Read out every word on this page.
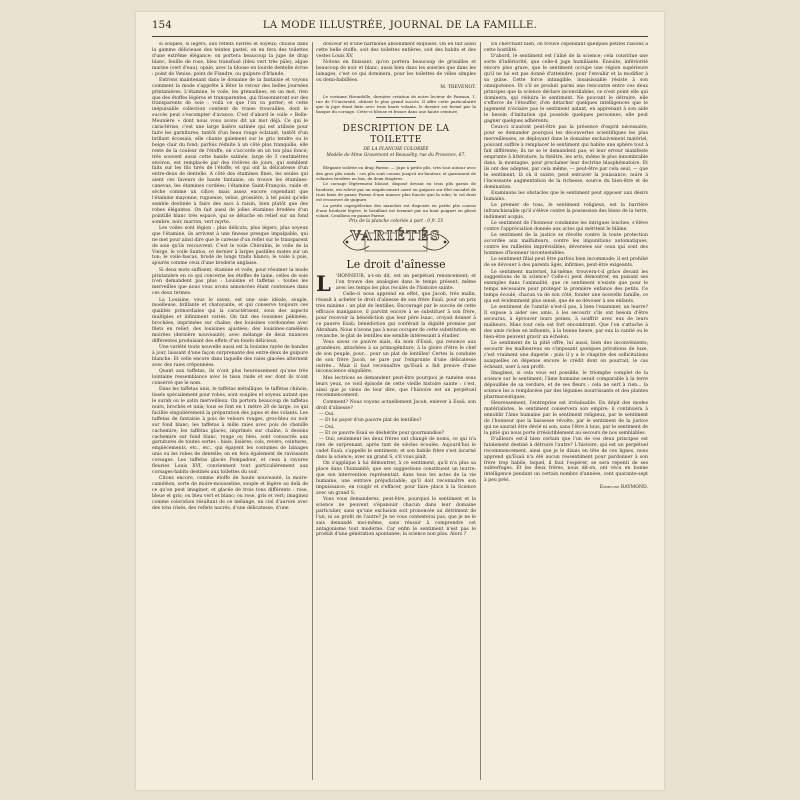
154	LA MODE ILLUSTRÉE, JOURNAL DE LA FAMILLE.

si souples, si légers, aux reflets lustrés et soyeux; choisis dans la gamme délicieuse des teintes pastel, on en fera des toilettes d'une extrême élégance; on portera beaucoup la jupe de drap blanc, feuille de rose, bleu transfusé (bleu vert très pâle), algue marine (vert d'eau), opale, avec la blouse en lourde dentelle écrue : point de Venise, point de Flandre, ou guipure d'Irlande.

Entrons maintenant dans le domaine de la fantaisie et voyons comment la mode s'apprête à fêter le retour des belles journées printanières. L'étamine, le voile, les grenadines, en un mot, rien que des étoffes légères et transparentes, qui frissonneront sur des transparents de soie : voilà ce que l'on va porter; et cette inépuisable collection contient de vraies trouvailles, dont le succès peut s'escompter d'avance. C'est d'abord le voile « Belle-Meunière » dont nous vous avons dit un mot déjà. Ce qui le caractérise, c'est une large lisière satinée qui est utilisée pour faire les garnitures; tantôt d'un beau rouge éclatant, tantôt d'un brillant écossais, elle chante gaiement sur le gris tendre ou le beige clair du fond; parfois réduite à un côté plus tranquille, elle reste de la couleur de l'étoffe, on s'accorde en un ton plus foncé; très souvent aussi cette bande satinée, large de 3 centimètres environ, est remplacée par des rivières de jours, qui semblent faits sur les fils tirés de l'étoffe, et qui ont la délicatesse d'un entre-deux de dentelle. A côté des étamines fines, les seules qui aient ces faveurs de haute fantaisie, on trouve les étamines-canevas, les étamines cordées; l'étamine Saint-François, raide et sèche comme un cilice; mais assez encore cependant que l'étamine mayonne, rugueuse, velue, grossière, à tel point qu'elle semble destinée à faire des sacs à raisin, bien plutôt que des robes élégantes. On fait aussi de jolies étamines brodées d'un pointillé blanc très espacé, qui se détache en relief sur un fond sombre, noir, marron, vert myrte.

Les voiles sont légion : plus délicats, plus légers, plus soyeux que l'étamine, ils arrivent à une finesse presque impalpable, qui ne met pour ainsi dire que le caresse d'un reflet sur le transparent de soie qu'ils recouvrent. C'est le voile Chérubin, le voile de la Vierge, le voile Santos, ce dernier à larges pastilles mates sur un ton; le voile-fascas, brodé de longs traits blancs; le voile à pois, ajourés comme ceux d'une broderie anglaise.

Si deux mots suffisent, étamine et voile, pour résumer la mode printanière en ce qui concerne les étoffes de laine, celles de soie n'en demandent pas plus : Louisine et taffetas : toutes les merveilles que nous vous avons annoncées étant contenues dans ces deux termes.

La Louisine, vous le savez, est une soie idéale, souple, moelleuse, brillante et chatoyante, et qui conserve toujours ces qualités primordiales qui la caractérisent, sous des aspects multiples et infiniment variés. On fait des louisines pékinées, brochées, imprimées sur chaîne; des louisines cordonnées avec filets en relief; des louisines ajustées; des louisines-caméléon moirées (dernière nouveauté), avec mélange de deux nuances différentes produisant des effets d'un fondu délicieux.

Une variété toute nouvelle aussi est la louisine rayée de bandes à jour, laissant d'une façon surprenante des entre-deux de guipure blanche. Et celle encore dans laquelle des raies glacées alternent avec des raies créponnées.

Quant aux taffetas, ils n'ont plus heureusement qu'une très lointaine ressemblance avec le tissu raide et sec dont ils n'ont conservé que le nom.

Dans les taffetas unis, le taffetas métallique, le taffetas chinois, tissés spécialement pour robes, sont souples et soyeux autant que le surah ou le satin merveilleux. On portera beaucoup de taffetas noirs, brochés et unis; tous se font en 1 mètre 20 de large, ce qui facilite singulièrement la préparation des jupes et des volants. Les taffetas de fantaisie à pois de velours rouges, gros-bleu ou noir sur fond blanc; les taffetas à mille raies avec pois de chenille cachemire; les taffetas glacés, imprimés sur chaîne, à dessins cachemire sur fond blanc, rouge ou bleu, sont consacrés aux garnitures de toutes sortes : biais, lisières, cols, revers, ceintures, empiècements, etc., etc., qui égayent les costumes de lainages unis ou les robes de dentelle; on en fera également de ravissants corsages. Les taffetas glacés Pompadour, et ceux à rayures fleuries Louis XVI, conviennent tout particulièrement aux corsages-habits destinés aux toilettes du soir.

Citons encore, comme étoffe de haute nouveauté, la moire-caméléon, sorte de moire-mousseline, souple et légère au delà de ce qu'on peut imaginer, et glacée de trois tons différents : rose, bleue et gris; ou bleu vert et blanc; ou rose, gris et vert; imaginez comme coloration résultant de ce mélange, un ciel d'aurore avec des tons irisés, des reflets nacrés, d'une délicatesse, d'une

douceur et d'une harmonie absolument exquises. On en fait aussi cette belle étoffe, soit des toilettes entières, soit des habits et des vestes Louis XV.

Notons en finissant, qu'on portera beaucoup de grisailles et beaucoup de noir et blanc; aussi bien dans les soieries que dans les lainages, c'est ce qui dominera, pour les toilettes de villes simples ou demi-habillées.

M. TREVENOT.

Le costume Hirondelle, dernière création de notre lecteur de Parmon, 1, rue de l'Université, obtient le plus grand succès. Il offre cette particularité que la jupe étant faite avec trois hauts volants, le dernier est formé par la basque du corsage. Cette-ci blouse et fronce dans une haute ceinture.

DESCRIPTION DE LA TOILETTE
DE LA PLANCHE COLORIÉE
Modèle de Mme Gravemont et Beauséhy, rue du Provence, 67.

Élégante toilette en drap Parme. — Jupe à petits plis, très tout autour avec des gros plis ronds : ces plis sont cousus jusqu'à mi-hauteur, et garnissent de volantes brodées au bas, de deux étagères.

Le corsage légèrement blousé, disposé devant en trois plis garnis de broderie, est relevé par un empiècement carré en guipure sur filet encadré de trois biais de panne Parme d'une nuance plus foncée que la robe; le col droit est recouvert de guipure.

La petite cape/pèlerine des manches est disposée en petits plis cousus d'une broderie légère, le bouillant est terminé par un haut poignet en plissé volant. Cenillons en panne Parme.

Prix de la planche coloriée à part : 0 fr. 25
VARIÉTÉS
Le droit d'aînesse
L	'HONNEUR, a-t-on dit, est un perpétuel renoncement; et l'on trouve des analogies dans le temps présent, même avec les temps les plus reculés de l'histoire sainte.

Celle-ci nous apprend en effet, que Jacob, très malin, réussit à acheter le droit d'aînesse de son frère Esaü, pour un prix très minime : un plat de lentilles. Encouragé par le succès de cette efficace manigance, il parvint encore à se substituer à son frère, pour recevoir la bénédiction que leur père Isaac, croyait donner à ce pauvre Esaü; bénédiction qui conférait la dignité promise par Abraham. Nous n'avons pas à nous occuper de cette substitution; en revanche, le plat de lentilles me semble intéressant à étudier.

Vous savez ce pauvre nials, du nom d'Esaü, qui renonce aux grandeurs, attachées à sa primogéniture, à la gloire d'être le chef de son peuple, pour... pour un plat de lentilles! Certes la conduite de son frère Jacob, se pare par l'emprunte d'une délicatesse outrée... Mais il faut reconnaître qu'Esaü a fait preuve d'une inconscience singulière.

Mes lectrices se demandent peut-être pourquoi je ramène sous leurs yeux, ce vieil épisode de cette vieille histoire sainte : c'est, ainsi que je viens de leur dire, que l'histoire est un perpétuel recommencement.

Comment? Nous voyons actuellement Jacob, enlever à Esaü, son droit d'aînesse?

— Oui.

— Et lui payer d'un pauvre plat de lentilles?

— Oui.

— Et ce pauvre Esaü se déshérite pour gourmandise?

— Oui; seulement les deux frères ont changé de noms, ce qui n'a rien de surprenant, après tant de siècles écoulés. Aujourd'hui le cadet Esaü, s'appelle le sentiment; et son habile frère s'est incarné dans la science; avec un grand S, s'il vous plaît.

On s'applique à lui démontrer, à ce sentiment, qu'il n'a plus sa place dans l'humanité; que ses suggestions constituent un leurre; que son intervention représentait, dans tous les actes de la vie humaine, une entrave préjudiciable; qu'il doit reconnaître son impuissance, en rougir et s'effacer, pour faire place à la Science avec un grand S.

Vous vous demanderez, peut-être, pourquoi le sentiment et la science ne peuvent s'épanouir chacun dans leur domaine particulier, sans qu'une exclusion soit prononcée au détriment de l'un, ni au profit de l'autre? Je ne vous contesterai pas, que je ne le sais demandé moi-même, sans réussir à comprendre cet antagonisme tout moderne. Car enfin le sentiment n'est pas le produit d'une génération spontanée; la science non plus. Alors ?

En cherchant bien, on trouve cependant quelques petites raisons à cette hostilité.

D'abord, le sentiment est l'aîné de la science; cela constitue une sorte d'infériorité, que celle-d juge humiliante. Ensuite, infériorité encore plus grave, que le sentiment occupe une région supérieure qu'il ne lui est pas donné d'atteindre, pour l'envahir et la modifier à sa guise. Cette force intangible, insaisissable résiste à son omnipotence. Et s'il se produit parmi une rencontre entre ces deux principes que la science déclare inconciliables, ce n'est point elle qui dominera, qui réduira le sentiment. Ne pouvant le détruire, elle s'efforce de l'étouffer, d'en détacher quelques intelligences que le jugement n'éclaire pas le sentiment aidant, en apprenant à son aide le besoin d'imitation qui possède quelques personnes, elle peut gagner quelques adhérents.

Ceux-ci n'auront peut-être pas la présence d'esprit nécessaire, pour se demander pourquoi les découvertes scientifiques les plus merveilleuses, se déployant dans le domaine exclusivement matériel, pouvant suffire à remplacer le sentiment qui habite une sphère tout à fait différente; ils ne se le demandent pas; et leur erreur manifeste emprunte à littérature, la théâtre, les arts, même le plus innombrable dans, la montagne, pour proclamer leur doctrine blasphématoire. Et ils ont des adeptes, par cela même, — peut-être par cela seul, — que le sentiment, là où il existe, peut entraver la jouissance, nuire à l'incessante augmentation de la richesse, source du bien-être et de domination.

Examinons les obstacles que le sentiment peut opposer aux désirs humains.

Le premier de tous, le sentiment religieux, est la barrière infranchissable qu'il s'élève contre la possession des biens de la terre, indûment acquis.

Le sentiment de l'honneur condamne les intrigues louches, s'élève contre l'appréciation donnée aux actes qui méritent le blâme.

Le sentiment de la justice se révolte contre la toute protection accordée aux malfaiteurs, contre les impunitions automatiques, contre les railleries imprévisibles, déversées sur ceux qui sont des hommes d'honneur incontestables.

Le sentiment filial peut être parfois bien incommode; il est prohibé de se dévouer à des parents âgés, infirmes, peut-être exigeants.

Le sentiment maternel, lui-même, trouvera-t-il grâce devant les suggestions de la science? Celle-ci peut démontrer, en puisant ses exemples dans l'animalité, que ce sentiment n'existe que pour le temps nécessaire pour protéger la première enfance des petits. Ce temps écoulé, chacun va de son côté, fonder une nouvelle famille, ce qui est évidemment plus sensé, que de se dévouer à ses enfants.

Le sentiment de l'amitié n'est-il pas, à bien l'examiner, un leurre? Il expose à aider ses amis, à les secourir s'ils ont besoin d'être secourus, à éprouver leurs peines, à souffrir avec eux de leurs malheurs. Mais tout cela est fort encombrant. Que l'on s'attache à des amis riches en influents, à la bonne heure, par eux la vanité ou le bien-être peuvent gravir un échelon.

Le sentiment de la pitié offre, lui aussi, bien des inconvénients; secourir les malheureux en s'imposant quelques privations de luxe, c'est vraiment une duperie : puis il y a le chapitre des sollicitations auxquelles on dépense encore le crédit dont on pourrait, le cas échéant, user à son profit.

Imaginez, si cela vous est possible, le triomphe complet de la science sur le sentiment; l'âme humaine serait comparable à la terre dépouillée de sa verdure, et de ses fleurs : cela ne sert à rien... la science les a remplacées par des légumes nourrissants et des plantes pharmaceutiques.

Heureusement, l'entreprise est irréalisable. En dépit des modes matérialistes, le sentiment conservera son empire; il continuera à ennoblir l'âme humaine par le sentiment religieux, par le sentiment de l'honneur que la bassesse révolte, par le sentiment de la justice qui ne saurait être dévié ni son, sans l'être à tous, par le sentiment de la pitié qui nous porte irrésistiblement au secours de nos semblables.

D'ailleurs est-il bien certain que l'un de ces deux principes est fatalement destiné à détruire l'autre? L'histoire, qui est un perpétuel recommencement, ainsi que je le disais en tête de ces lignes, nous apprend qu'Esaü n'a été aucun ressentiment pour pardonner à son frère trop habile, lequel, il faut l'espérer, se sera repenti de ses subterfuges. Et les deux frères, nous dit-on, ont vécu en bonne intelligence pendant un certain nombre d'années, cent quarante-sept à peu près.

Emmeline RAYMOND.
